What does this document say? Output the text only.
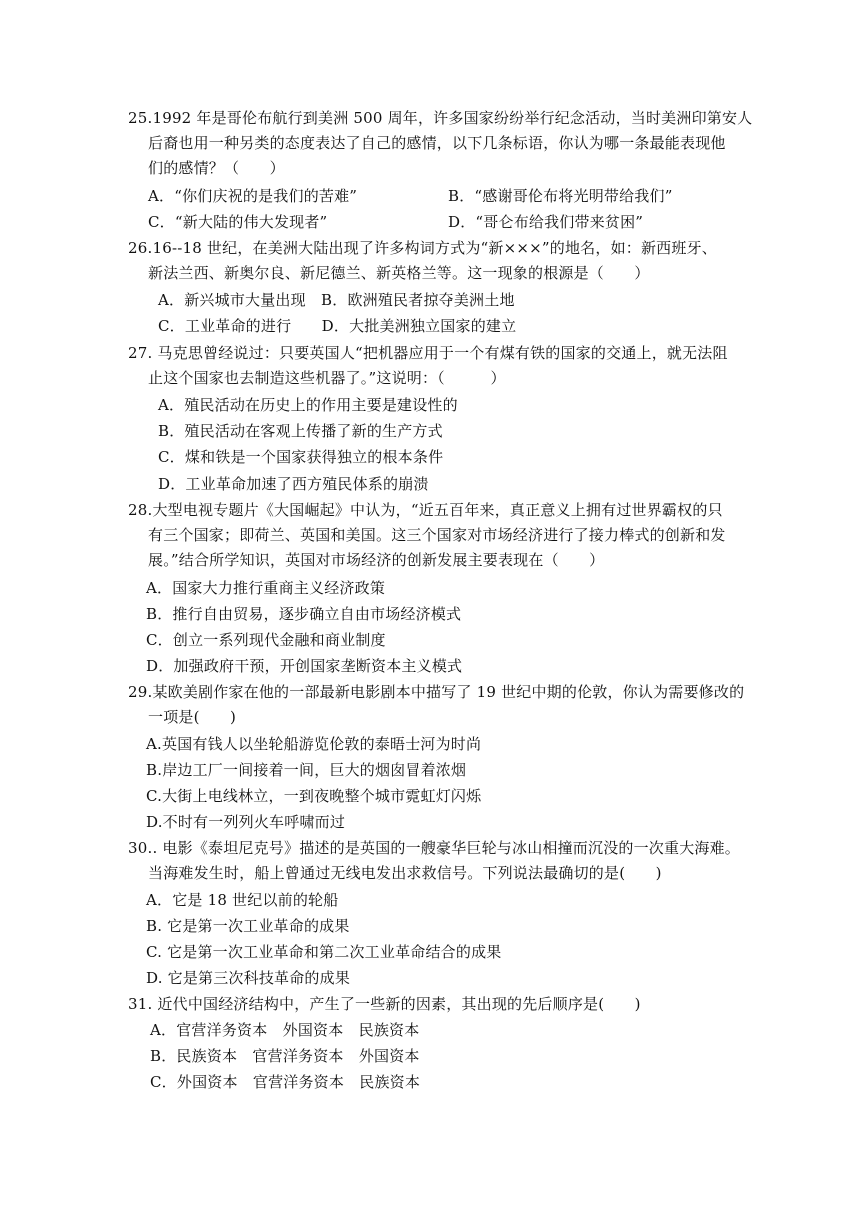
25.1992 年是哥伦布航行到美洲 500 周年，许多国家纷纷举行纪念活动，当时美洲印第安人
后裔也用一种另类的态度表达了自己的感情，以下几条标语，你认为哪一条最能表现他
们的感情？（　　）
A．“你们庆祝的是我们的苦难”	B．“感谢哥伦布将光明带给我们”
C．“新大陆的伟大发现者”	D．“哥仑布给我们带来贫困”
26.16--18 世纪，在美洲大陆出现了许多构词方式为“新×××”的地名，如：新西班牙、
新法兰西、新奥尔良、新尼德兰、新英格兰等。这一现象的根源是（　　）
A．新兴城市大量出现　B．欧洲殖民者掠夺美洲土地
C．工业革命的进行　　D．大批美洲独立国家的建立
27. 马克思曾经说过：只要英国人“把机器应用于一个有煤有铁的国家的交通上，就无法阻
止这个国家也去制造这些机器了。”这说明：（　　　）
A．殖民活动在历史上的作用主要是建设性的
B．殖民活动在客观上传播了新的生产方式
C．煤和铁是一个国家获得独立的根本条件
D．工业革命加速了西方殖民体系的崩溃
28.大型电视专题片《大国崛起》中认为，“近五百年来，真正意义上拥有过世界霸权的只
有三个国家；即荷兰、英国和美国。这三个国家对市场经济进行了接力棒式的创新和发
展。”结合所学知识，英国对市场经济的创新发展主要表现在（　　）
A．国家大力推行重商主义经济政策
B．推行自由贸易，逐步确立自由市场经济模式
C．创立一系列现代金融和商业制度
D．加强政府干预，开创国家垄断资本主义模式
29.某欧美剧作家在他的一部最新电影剧本中描写了 19 世纪中期的伦敦，你认为需要修改的
一项是(　　)
A.英国有钱人以坐轮船游览伦敦的泰晤士河为时尚
B.岸边工厂一间接着一间，巨大的烟囱冒着浓烟
C.大街上电线林立，一到夜晚整个城市霓虹灯闪烁
D.不时有一列列火车呼啸而过
30.. 电影《泰坦尼克号》描述的是英国的一艘豪华巨轮与冰山相撞而沉没的一次重大海难。
当海难发生时，船上曾通过无线电发出求救信号。下列说法最确切的是(　　)
A．它是 18 世纪以前的轮船
B. 它是第一次工业革命的成果
C. 它是第一次工业革命和第二次工业革命结合的成果
D. 它是第三次科技革命的成果
31. 近代中国经济结构中，产生了一些新的因素，其出现的先后顺序是(　　)
A．官营洋务资本　外国资本　民族资本
B．民族资本　官营洋务资本　外国资本
C．外国资本　官营洋务资本　民族资本
